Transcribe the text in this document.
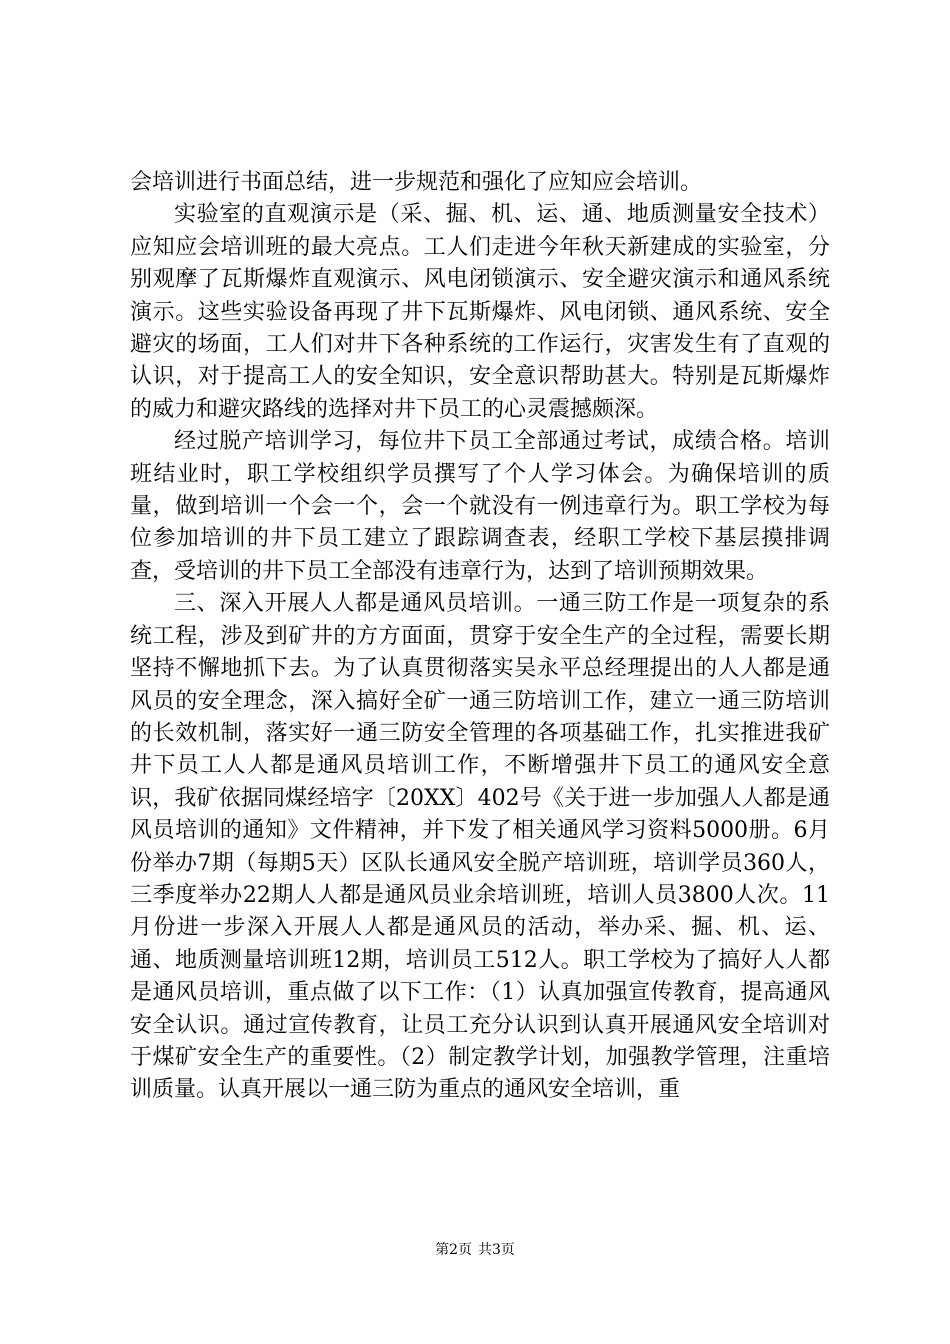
会培训进行书面总结，进一步规范和强化了应知应会培训。

实验室的直观演示是（采、掘、机、运、通、地质测量安全技术）应知应会培训班的最大亮点。工人们走进今年秋天新建成的实验室，分别观摩了瓦斯爆炸直观演示、风电闭锁演示、安全避灾演示和通风系统演示。这些实验设备再现了井下瓦斯爆炸、风电闭锁、通风系统、安全避灾的场面，工人们对井下各种系统的工作运行，灾害发生有了直观的认识，对于提高工人的安全知识，安全意识帮助甚大。特别是瓦斯爆炸的威力和避灾路线的选择对井下员工的心灵震撼颇深。

经过脱产培训学习，每位井下员工全部通过考试，成绩合格。培训班结业时，职工学校组织学员撰写了个人学习体会。为确保培训的质量，做到培训一个会一个，会一个就没有一例违章行为。职工学校为每位参加培训的井下员工建立了跟踪调查表，经职工学校下基层摸排调查，受培训的井下员工全部没有违章行为，达到了培训预期效果。

三、深入开展人人都是通风员培训。一通三防工作是一项复杂的系统工程，涉及到矿井的方方面面，贯穿于安全生产的全过程，需要长期坚持不懈地抓下去。为了认真贯彻落实吴永平总经理提出的人人都是通风员的安全理念，深入搞好全矿一通三防培训工作，建立一通三防培训的长效机制，落实好一通三防安全管理的各项基础工作，扎实推进我矿井下员工人人都是通风员培训工作，不断增强井下员工的通风安全意识，我矿依据同煤经培字〔20XX〕402号《关于进一步加强人人都是通风员培训的通知》文件精神，并下发了相关通风学习资料5000册。6月份举办7期（每期5天）区队长通风安全脱产培训班，培训学员360人，三季度举办22期人人都是通风员业余培训班，培训人员3800人次。11月份进一步深入开展人人都是通风员的活动，举办采、掘、机、运、通、地质测量培训班12期，培训员工512人。职工学校为了搞好人人都是通风员培训，重点做了以下工作：（1）认真加强宣传教育，提高通风安全认识。通过宣传教育，让员工充分认识到认真开展通风安全培训对于煤矿安全生产的重要性。（2）制定教学计划，加强教学管理，注重培训质量。认真开展以一通三防为重点的通风安全培训，重

第2页 共3页
